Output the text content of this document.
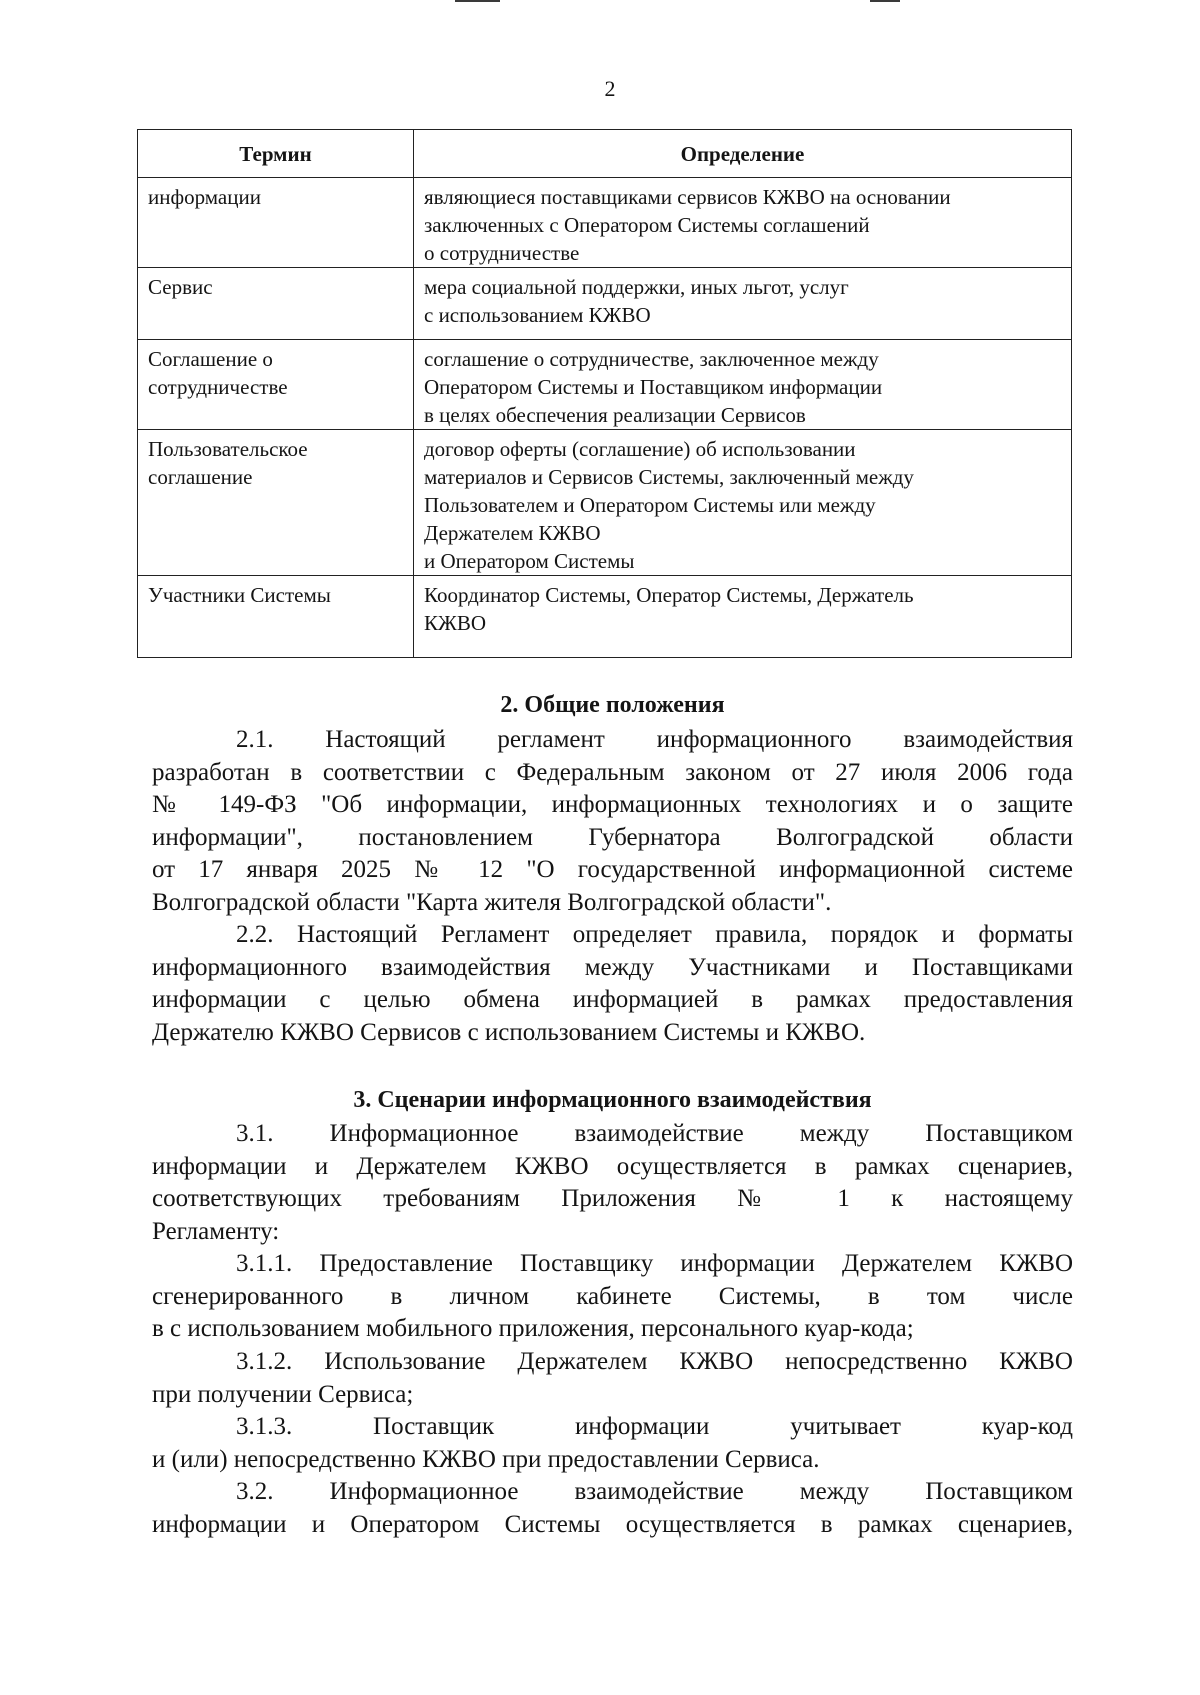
2
Термин	Определение

информации	являющиеся поставщиками сервисов КЖВО на основании
заключенных с Оператором Системы соглашений
о сотрудничестве

Сервис	мера социальной поддержки, иных льгот, услуг
с использованием КЖВО

Соглашение о
сотрудничестве	соглашение о сотрудничестве, заключенное между
Оператором Системы и Поставщиком информации
в целях обеспечения реализации Сервисов

Пользовательское
соглашение	договор оферты (соглашение) об использовании
материалов и Сервисов Системы, заключенный между
Пользователем и Оператором Системы или между
Держателем КЖВО
и Оператором Системы

Участники Системы	Координатор Системы, Оператор Системы, Держатель
КЖВО
2. Общие положения
2.1. Настоящий регламент информационного взаимодействия
разработан в соответствии с Федеральным законом от 27 июля 2006 года
№ 149-ФЗ "Об информации, информационных технологиях и о защите
информации", постановлением Губернатора Волгоградской области
от 17 января 2025 № 12 "О государственной информационной системе
Волгоградской области "Карта жителя Волгоградской области".
2.2. Настоящий Регламент определяет правила, порядок и форматы
информационного взаимодействия между Участниками и Поставщиками
информации с целью обмена информацией в рамках предоставления
Держателю КЖВО Сервисов с использованием Системы и КЖВО.
3. Сценарии информационного взаимодействия
3.1. Информационное взаимодействие между Поставщиком
информации и Держателем КЖВО осуществляется в рамках сценариев,
соответствующих требованиям Приложения № 1 к настоящему
Регламенту:
3.1.1. Предоставление Поставщику информации Держателем КЖВО
сгенерированного в личном кабинете Системы, в том числе
в с использованием мобильного приложения, персонального куар-кода;
3.1.2. Использование Держателем КЖВО непосредственно КЖВО
при получении Сервиса;
3.1.3. Поставщик информации учитывает куар-код
и (или) непосредственно КЖВО при предоставлении Сервиса.
3.2. Информационное взаимодействие между Поставщиком
информации и Оператором Системы осуществляется в рамках сценариев,
